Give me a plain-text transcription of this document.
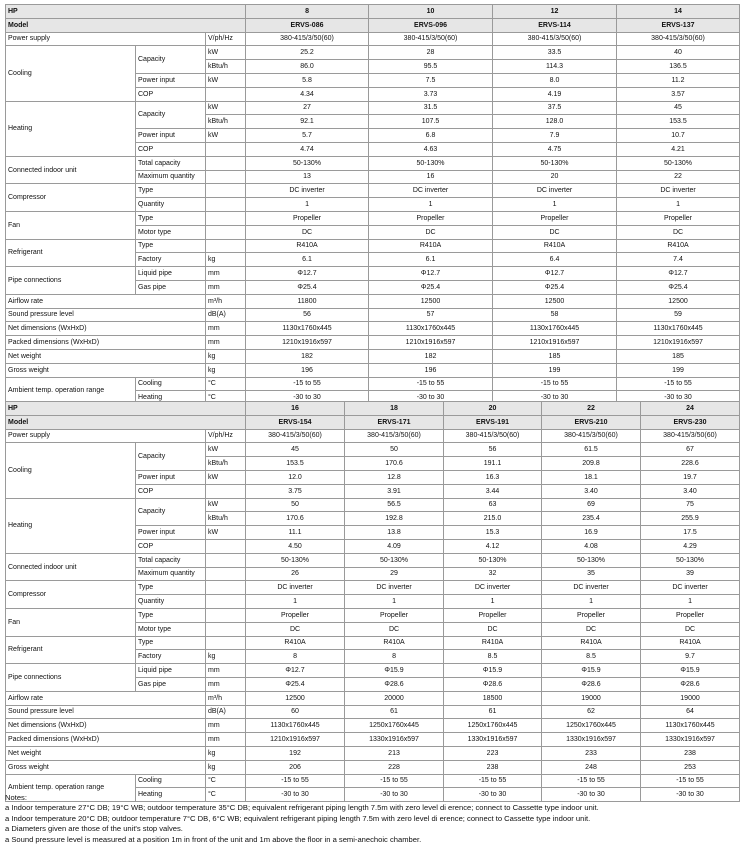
HP			8	10	12	14
Model			ERVS-086	ERVS-096	ERVS-114	ERVS-137
Power supply		V/ph/Hz	380-415/3/50(60)	380-415/3/50(60)	380-415/3/50(60)	380-415/3/50(60)
Cooling	Capacity	kW	25.2	28	33.5	40
		kBtu/h	86.0	95.5	114.3	136.5
	Power input	kW	5.8	7.5	8.0	11.2
	COP		4.34	3.73	4.19	3.57
Heating	Capacity	kW	27	31.5	37.5	45
		kBtu/h	92.1	107.5	128.0	153.5
	Power input	kW	5.7	6.8	7.9	10.7
	COP		4.74	4.63	4.75	4.21
Connected indoor unit	Total capacity		50-130%	50-130%	50-130%	50-130%
	Maximum quantity		13	16	20	22
Compressor	Type		DC inverter	DC inverter	DC inverter	DC inverter
	Quantity		1	1	1	1
Fan	Type		Propeller	Propeller	Propeller	Propeller
	Motor type		DC	DC	DC	DC
Refrigerant	Type		R410A	R410A	R410A	R410A
	Factory	kg	6.1	6.1	6.4	7.4
Pipe connections	Liquid pipe	mm	Φ12.7	Φ12.7	Φ12.7	Φ12.7
	Gas pipe	mm	Φ25.4	Φ25.4	Φ25.4	Φ25.4
Airflow rate		m³/h	11800	12500	12500	12500
Sound pressure level		dB(A)	56	57	58	59
Net dimensions (WxHxD)		mm	1130x1760x445	1130x1760x445	1130x1760x445	1130x1760x445
Packed dimensions (WxHxD)		mm	1210x1916x597	1210x1916x597	1210x1916x597	1210x1916x597
Net weight		kg	182	182	185	185
Gross weight		kg	196	196	199	199
Ambient temp. operation range	Cooling	°C	-15 to 55	-15 to 55	-15 to 55	-15 to 55
	Heating	°C	-30 to 30	-30 to 30	-30 to 30	-30 to 30
HP			16	18	20	22	24
Model			ERVS-154	ERVS-171	ERVS-191	ERVS-210	ERVS-230
Power supply		V/ph/Hz	380-415/3/50(60)	380-415/3/50(60)	380-415/3/50(60)	380-415/3/50(60)	380-415/3/50(60)
Cooling	Capacity	kW	45	50	56	61.5	67
		kBtu/h	153.5	170.6	191.1	209.8	228.6
	Power input	kW	12.0	12.8	16.3	18.1	19.7
	COP		3.75	3.91	3.44	3.40	3.40
Heating	Capacity	kW	50	56.5	63	69	75
		kBtu/h	170.6	192.8	215.0	235.4	255.9
	Power input	kW	11.1	13.8	15.3	16.9	17.5
	COP		4.50	4.09	4.12	4.08	4.29
Connected indoor unit	Total capacity		50-130%	50-130%	50-130%	50-130%	50-130%
	Maximum quantity		26	29	32	35	39
Compressor	Type		DC inverter	DC inverter	DC inverter	DC inverter	DC inverter
	Quantity		1	1	1	1	1
Fan	Type		Propeller	Propeller	Propeller	Propeller	Propeller
	Motor type		DC	DC	DC	DC	DC
Refrigerant	Type		R410A	R410A	R410A	R410A	R410A
	Factory	kg	8	8	8.5	8.5	9.7
Pipe connections	Liquid pipe	mm	Φ12.7	Φ15.9	Φ15.9	Φ15.9	Φ15.9
	Gas pipe	mm	Φ25.4	Φ28.6	Φ28.6	Φ28.6	Φ28.6
Airflow rate		m³/h	12500	20000	18500	19000	19000
Sound pressure level		dB(A)	60	61	61	62	64
Net dimensions (WxHxD)		mm	1130x1760x445	1250x1760x445	1250x1760x445	1250x1760x445	1130x1760x445
Packed dimensions (WxHxD)		mm	1210x1916x597	1330x1916x597	1330x1916x597	1330x1916x597	1330x1916x597
Net weight		kg	192	213	223	233	238
Gross weight		kg	206	228	238	248	253
Ambient temp. operation range	Cooling	°C	-15 to 55	-15 to 55	-15 to 55	-15 to 55	-15 to 55
	Heating	°C	-30 to 30	-30 to 30	-30 to 30	-30 to 30	-30 to 30
Notes:
a Indoor temperature 27°C DB; 19°C WB; outdoor temperature 35°C DB; equivalent refrigerant piping length 7.5m with zero level di erence; connect to Cassette type indoor unit.
a Indoor temperature 20°C DB; outdoor temperature 7°C DB, 6°C WB; equivalent refrigerant piping length 7.5m with zero level di erence; connect to Cassette type indoor unit.
a Diameters given are those of the unit's stop valves.
a Sound pressure level is measured at a position 1m in front of the unit and 1m above the floor in a semi-anechoic chamber.
